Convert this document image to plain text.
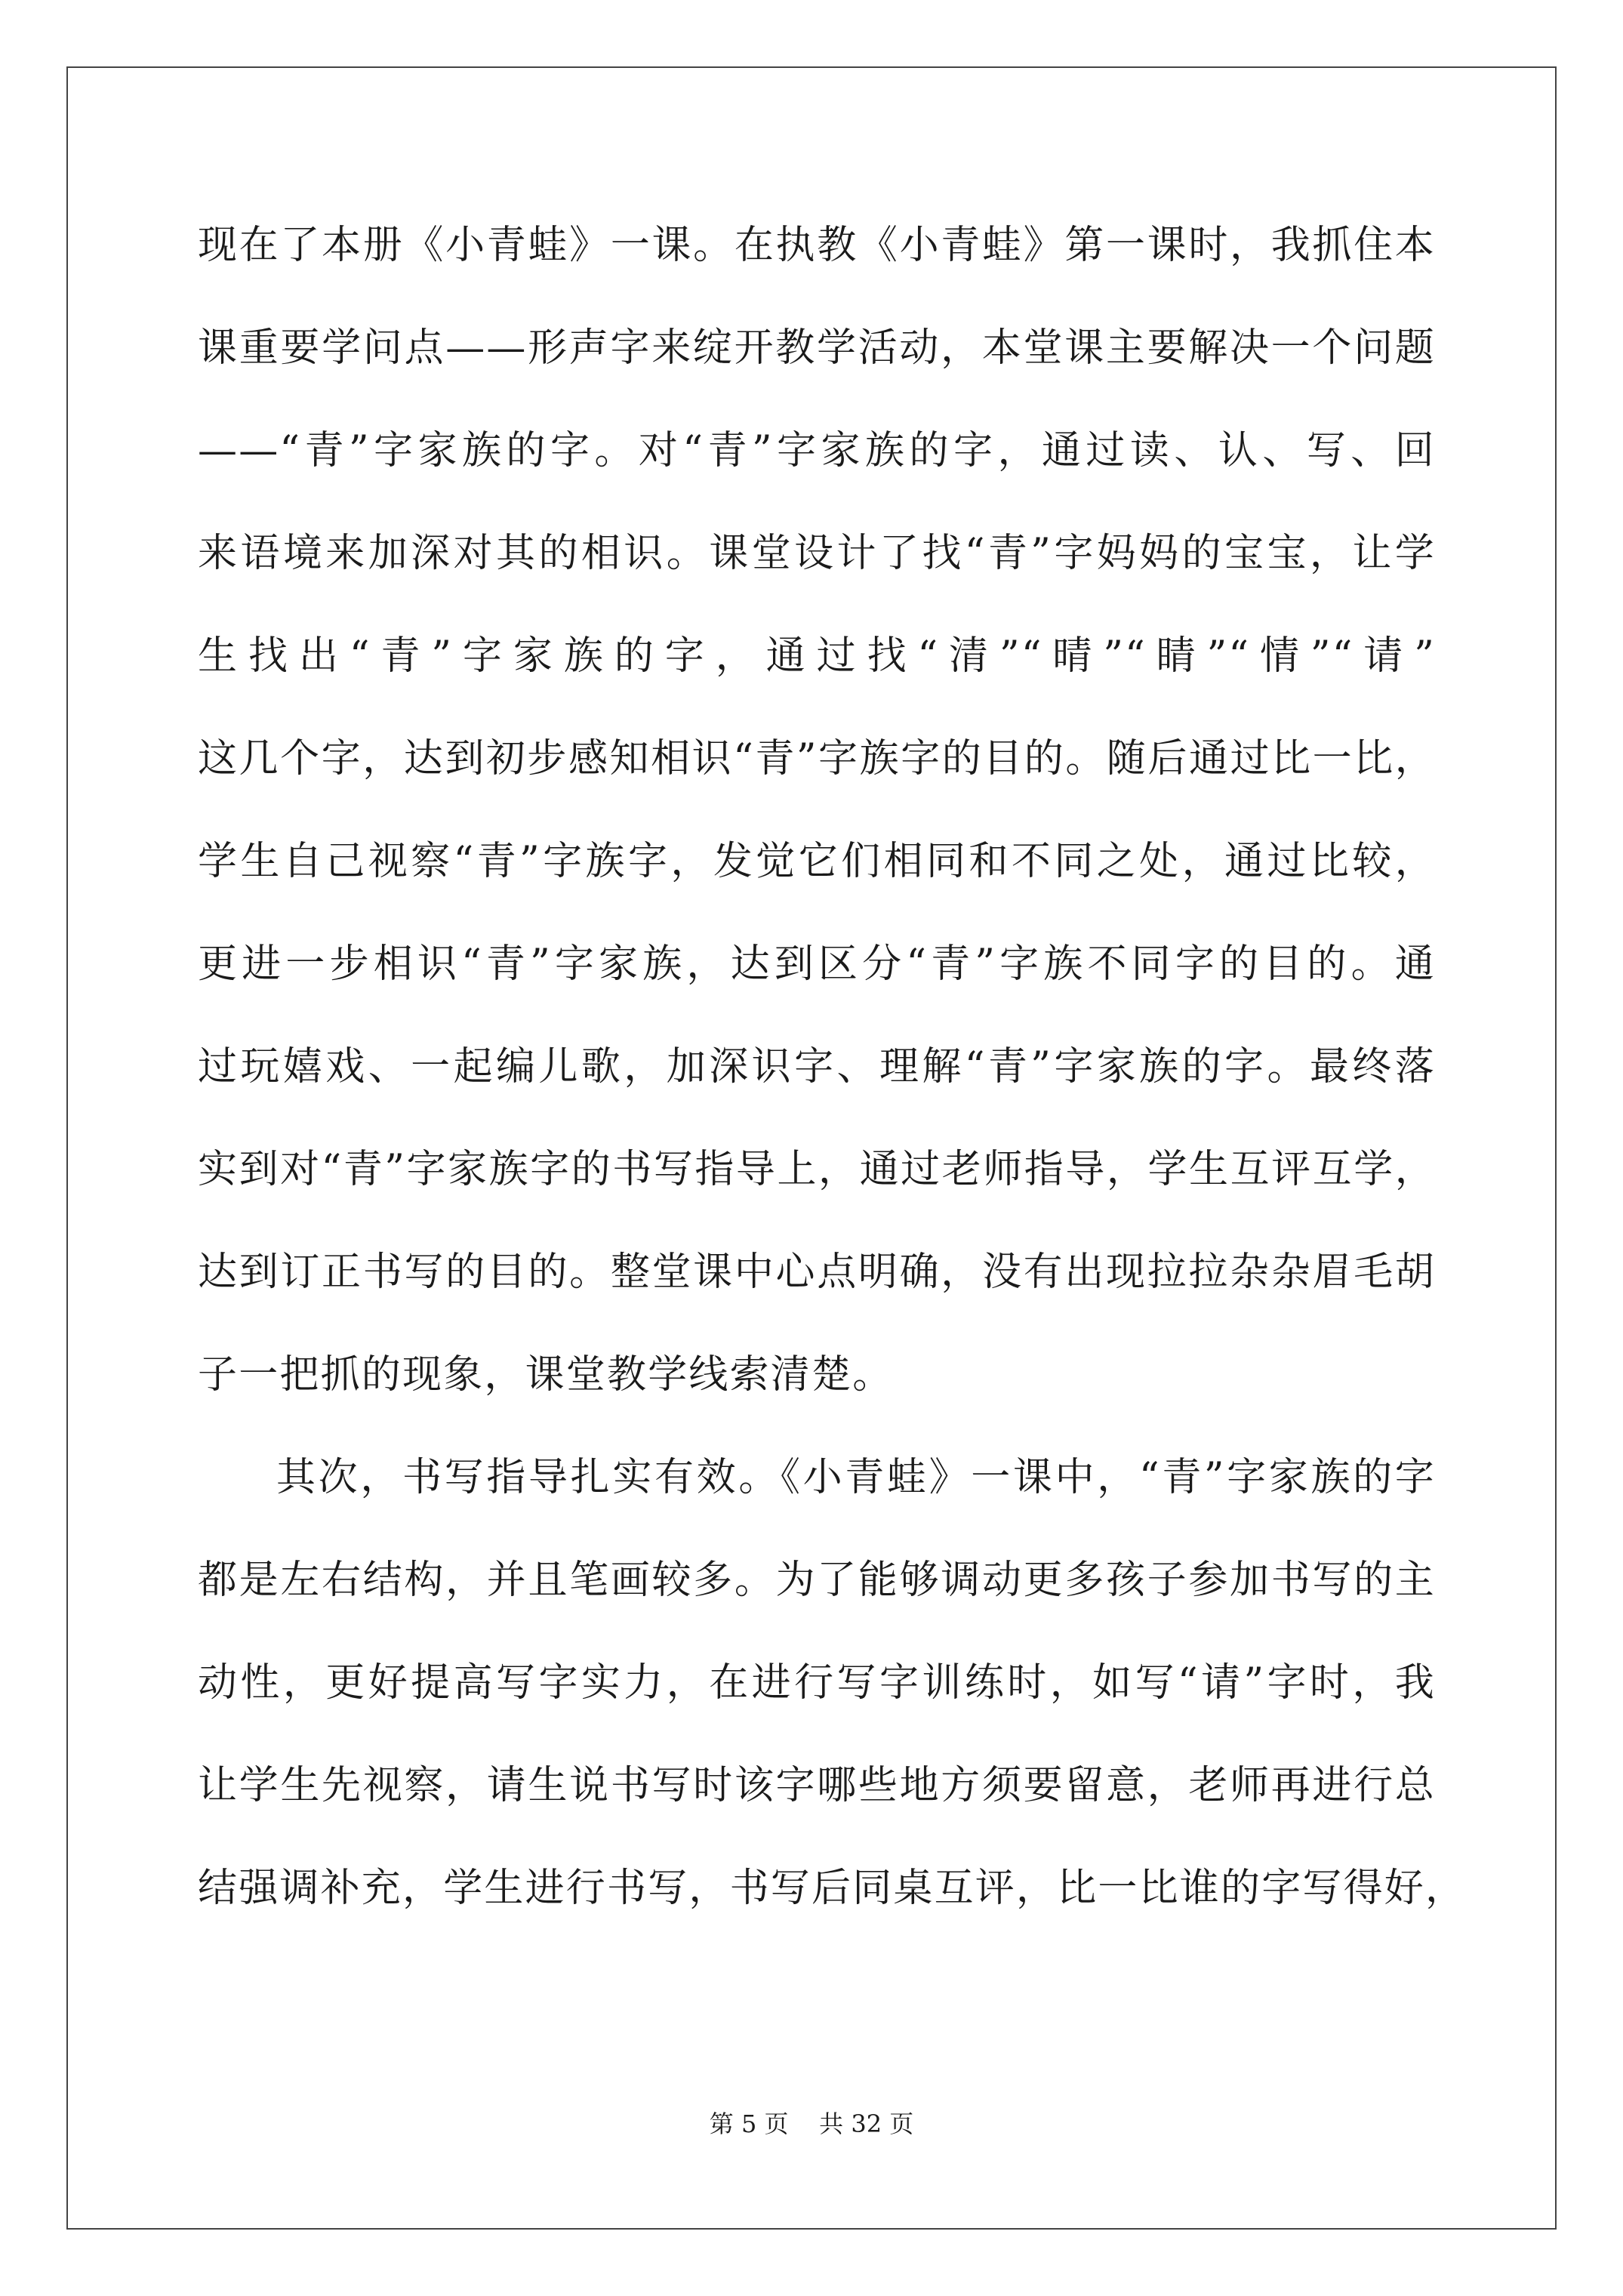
现在了本册《小青蛙》一课。在执教《小青蛙》第一课时，我抓住本
课重要学问点——形声字来绽开教学活动，本堂课主要解决一个问题
——“青”字家族的字。对“青”字家族的字，通过读、认、写、回
来语境来加深对其的相识。课堂设计了找“青”字妈妈的宝宝，让学
生找出“青”字家族的字，通过找“清”“晴”“睛”“情”“请”
这几个字，达到初步感知相识“青”字族字的目的。随后通过比一比，
学生自己视察“青”字族字，发觉它们相同和不同之处，通过比较，
更进一步相识“青”字家族，达到区分“青”字族不同字的目的。通
过玩嬉戏、一起编儿歌，加深识字、理解“青”字家族的字。最终落
实到对“青”字家族字的书写指导上，通过老师指导，学生互评互学，
达到订正书写的目的。整堂课中心点明确，没有出现拉拉杂杂眉毛胡
子一把抓的现象，课堂教学线索清楚。
其次，书写指导扎实有效。《小青蛙》一课中，“青”字家族的字
都是左右结构，并且笔画较多。为了能够调动更多孩子参加书写的主
动性，更好提高写字实力，在进行写字训练时，如写“请”字时，我
让学生先视察，请生说书写时该字哪些地方须要留意，老师再进行总
结强调补充，学生进行书写，书写后同桌互评，比一比谁的字写得好，
第 5 页    共 32 页
